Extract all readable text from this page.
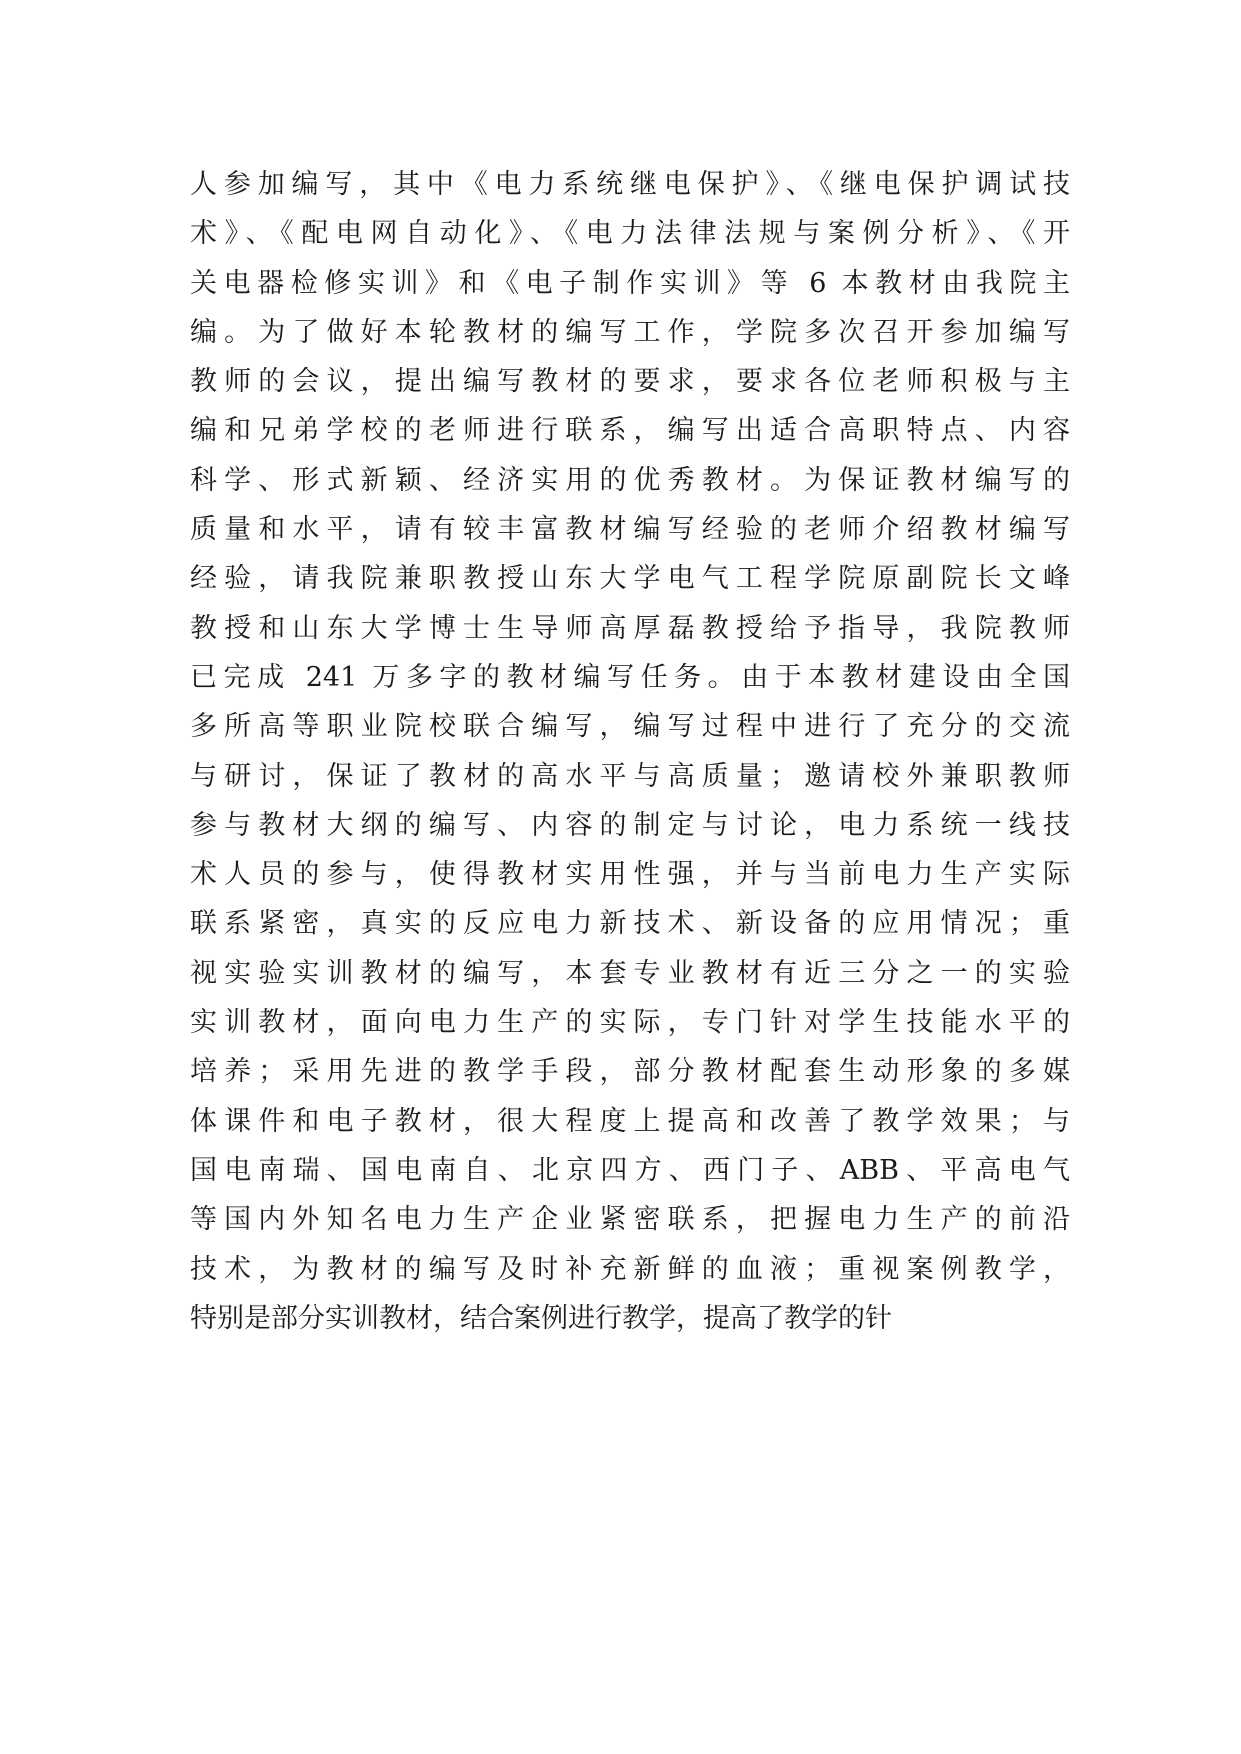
人参加编写，其中《电力系统继电保护》、《继电保护调试技
术》、《配电网自动化》、《电力法律法规与案例分析》、《开
关电器检修实训》和《电子制作实训》等 6 本教材由我院主
编。为了做好本轮教材的编写工作，学院多次召开参加编写
教师的会议，提出编写教材的要求，要求各位老师积极与主
编和兄弟学校的老师进行联系，编写出适合高职特点、内容
科学、形式新颖、经济实用的优秀教材。为保证教材编写的
质量和水平，请有较丰富教材编写经验的老师介绍教材编写
经验，请我院兼职教授山东大学电气工程学院原副院长文峰
教授和山东大学博士生导师高厚磊教授给予指导，我院教师
已完成 241 万多字的教材编写任务。由于本教材建设由全国
多所高等职业院校联合编写，编写过程中进行了充分的交流
与研讨，保证了教材的高水平与高质量；邀请校外兼职教师
参与教材大纲的编写、内容的制定与讨论，电力系统一线技
术人员的参与，使得教材实用性强，并与当前电力生产实际
联系紧密，真实的反应电力新技术、新设备的应用情况；重
视实验实训教材的编写，本套专业教材有近三分之一的实验
实训教材，面向电力生产的实际，专门针对学生技能水平的
培养；采用先进的教学手段，部分教材配套生动形象的多媒
体课件和电子教材，很大程度上提高和改善了教学效果；与
国电南瑞、国电南自、北京四方、西门子、ABB、平高电气
等国内外知名电力生产企业紧密联系，把握电力生产的前沿
技术，为教材的编写及时补充新鲜的血液；重视案例教学，
特别是部分实训教材，结合案例进行教学，提高了教学的针
